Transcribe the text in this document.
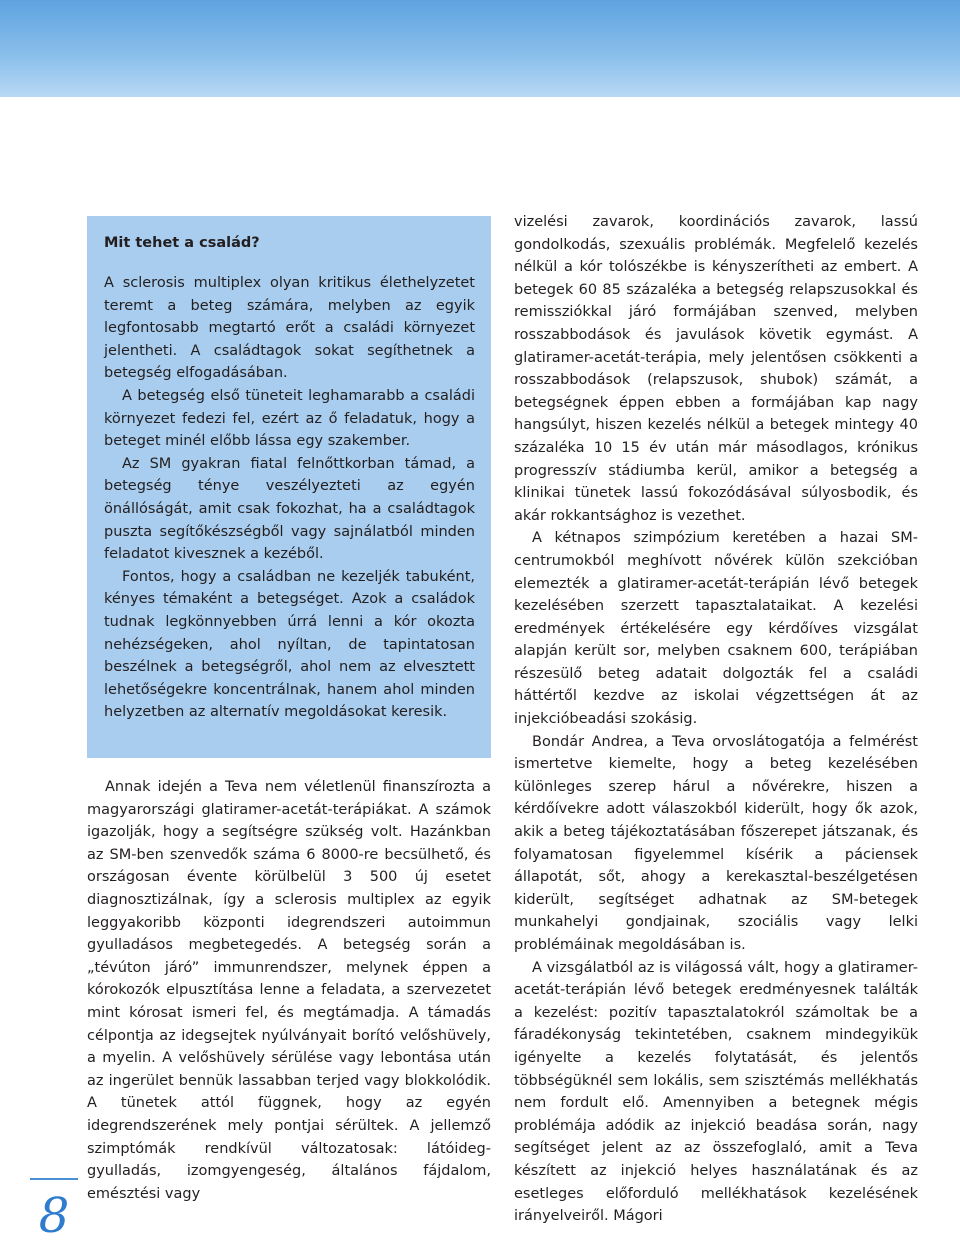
Mit tehet a család?

A sclerosis multiplex olyan kritikus élethelyzetet teremt a beteg számára, melyben az egyik legfontosabb megtartó erőt a családi környezet jelentheti. A családtagok sokat segíthetnek a betegség elfogadásában.

A betegség első tüneteit leghamarabb a családi környezet fedezi fel, ezért az ő feladatuk, hogy a beteget minél előbb lássa egy szakember.

Az SM gyakran fiatal felnőttkorban támad, a betegség ténye veszélyezteti az egyén önállóságát, amit csak fokozhat, ha a családtagok puszta segítőkészségből vagy sajnálatból minden feladatot kivesznek a kezéből.

Fontos, hogy a családban ne kezeljék tabuként, kényes témaként a betegséget. Azok a családok tudnak legkönnyebben úrrá lenni a kór okozta nehézségeken, ahol nyíltan, de tapintatosan beszélnek a betegségről, ahol nem az elvesztett lehetőségekre koncentrálnak, hanem ahol minden helyzetben az alternatív megoldásokat keresik.

Annak idején a Teva nem véletlenül finanszírozta a magyarországi glatiramer-acetát-terápiákat. A számok igazolják, hogy a segítségre szükség volt. Hazánkban az SM-ben szenvedők száma 6 8000-re becsülhető, és országosan évente körülbelül 3 500 új esetet diagnosztizálnak, így a sclerosis multiplex az egyik leggyakoribb központi idegrendszeri autoimmun gyulladásos megbetegedés. A betegség során a „tévúton járó” immunrendszer, melynek éppen a kórokozók elpusztítása lenne a feladata, a szervezetet mint kórosat ismeri fel, és megtámadja. A támadás célpontja az idegsejtek nyúlványait borító velőshüvely, a myelin. A velőshüvely sérülése vagy lebontása után az ingerület bennük lassabban terjed vagy blokkolódik. A tünetek attól függnek, hogy az egyén idegrendszerének mely pontjai sérültek. A jellemző szimptómák rendkívül változatosak: látóideg-gyulladás, izomgyengeség, általános fájdalom, emésztési vagy

vizelési zavarok, koordinációs zavarok, lassú gondolkodás, szexuális problémák. Megfelelő kezelés nélkül a kór tolószékbe is kényszerítheti az embert. A betegek 60 85 százaléka a betegség relapszusokkal és remissziókkal járó formájában szenved, melyben rosszabbodások és javulások követik egymást. A glatiramer-acetát-terápia, mely jelentősen csökkenti a rosszabbodások (relapszusok, shubok) számát, a betegségnek éppen ebben a formájában kap nagy hangsúlyt, hiszen kezelés nélkül a betegek mintegy 40 százaléka 10 15 év után már másodlagos, krónikus progresszív stádiumba kerül, amikor a betegség a klinikai tünetek lassú fokozódásával súlyosbodik, és akár rokkantsághoz is vezethet.

A kétnapos szimpózium keretében a hazai SM-centrumokból meghívott nővérek külön szekcióban elemezték a glatiramer-acetát-terápián lévő betegek kezelésében szerzett tapasztalataikat. A kezelési eredmények értékelésére egy kérdőíves vizsgálat alapján került sor, melyben csaknem 600, terápiában részesülő beteg adatait dolgozták fel a családi háttértől kezdve az iskolai végzettségen át az injekcióbeadási szokásig.

Bondár Andrea, a Teva orvoslátogatója a felmérést ismertetve kiemelte, hogy a beteg kezelésében különleges szerep hárul a nővérekre, hiszen a kérdőívekre adott válaszokból kiderült, hogy ők azok, akik a beteg tájékoztatásában főszerepet játszanak, és folyamatosan figyelemmel kísérik a páciensek állapotát, sőt, ahogy a kerekasztal-beszélgetésen kiderült, segítséget adhatnak az SM-betegek munkahelyi gondjainak, szociális vagy lelki problémáinak megoldásában is.

A vizsgálatból az is világossá vált, hogy a glatiramer-acetát-terápián lévő betegek eredményesnek találták a kezelést: pozitív tapasztalatokról számoltak be a fáradékonyság tekintetében, csaknem mindegyikük igényelte a kezelés folytatását, és jelentős többségüknél sem lokális, sem szisztémás mellékhatás nem fordult elő. Amennyiben a betegnek mégis problémája adódik az injekció beadása során, nagy segítséget jelent az az összefoglaló, amit a Teva készített az injekció helyes használatának és az esetleges előforduló mellékhatások kezelésének irányelveiről. Mágori

8
